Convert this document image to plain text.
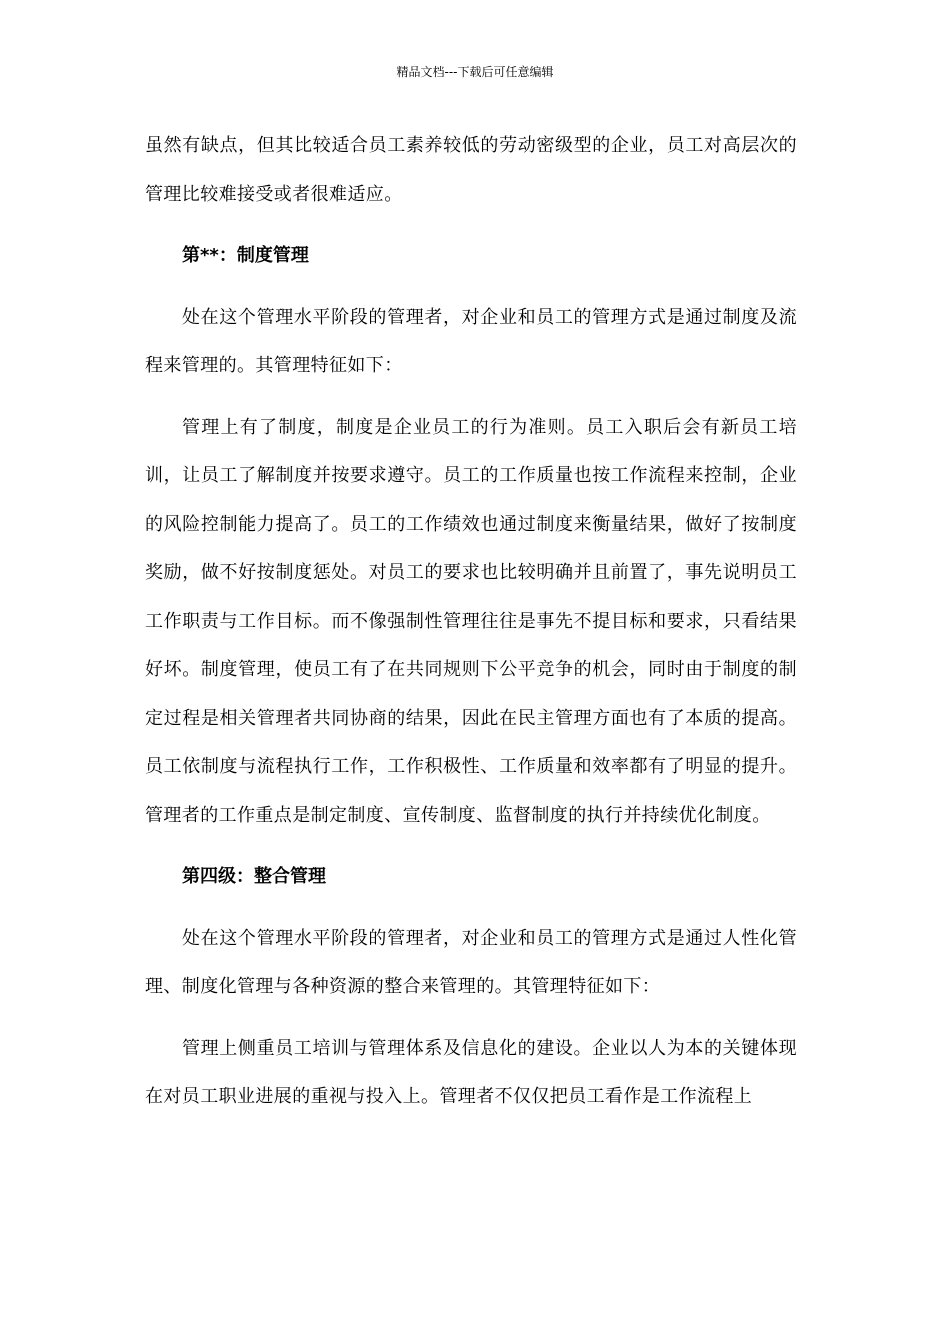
精品文档---下载后可任意编辑

虽然有缺点，但其比较适合员工素养较低的劳动密级型的企业，员工对高层次的管理比较难接受或者很难适应。

第**：制度管理

处在这个管理水平阶段的管理者，对企业和员工的管理方式是通过制度及流程来管理的。其管理特征如下：

管理上有了制度，制度是企业员工的行为准则。员工入职后会有新员工培训，让员工了解制度并按要求遵守。员工的工作质量也按工作流程来控制，企业的风险控制能力提高了。员工的工作绩效也通过制度来衡量结果，做好了按制度奖励，做不好按制度惩处。对员工的要求也比较明确并且前置了，事先说明员工工作职责与工作目标。而不像强制性管理往往是事先不提目标和要求，只看结果好坏。制度管理，使员工有了在共同规则下公平竞争的机会，同时由于制度的制定过程是相关管理者共同协商的结果，因此在民主管理方面也有了本质的提高。员工依制度与流程执行工作，工作积极性、工作质量和效率都有了明显的提升。管理者的工作重点是制定制度、宣传制度、监督制度的执行并持续优化制度。

第四级：整合管理

处在这个管理水平阶段的管理者，对企业和员工的管理方式是通过人性化管理、制度化管理与各种资源的整合来管理的。其管理特征如下：

管理上侧重员工培训与管理体系及信息化的建设。企业以人为本的关键体现在对员工职业进展的重视与投入上。管理者不仅仅把员工看作是工作流程上
